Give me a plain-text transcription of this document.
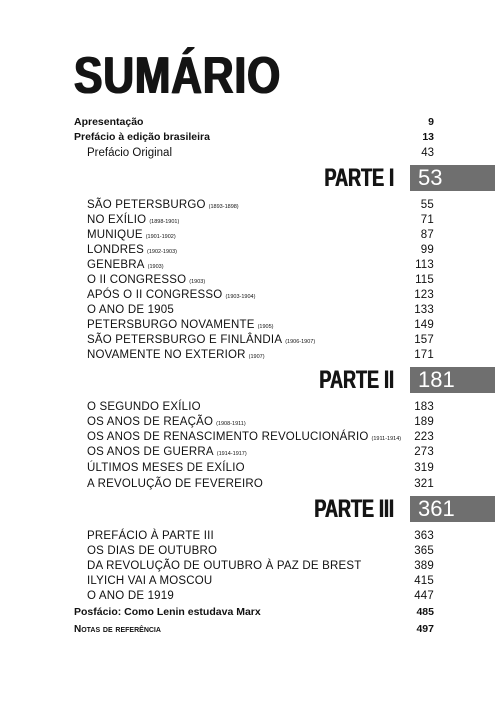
SUMÁRIO
Apresentação	9
Prefácio à edição brasileira	13
Prefácio Original	43
PARTE I	53
SÃO PETERSBURGO (1893-1898)	55
NO EXÍLIO (1898-1901)	71
MUNIQUE (1901-1902)	87
LONDRES (1902-1903)	99
GENEBRA (1903)	113
O II CONGRESSO (1903)	115
APÓS O II CONGRESSO (1903-1904)	123
O ANO DE 1905	133
PETERSBURGO NOVAMENTE (1905)	149
SÃO PETERSBURGO E FINLÂNDIA (1906-1907)	157
NOVAMENTE NO EXTERIOR (1907)	171
PARTE II	181
O SEGUNDO EXÍLIO	183
OS ANOS DE REAÇÃO (1908-1911)	189
OS ANOS DE RENASCIMENTO REVOLUCIONÁRIO (1911-1914) 223
OS ANOS DE GUERRA (1914-1917)	273
ÚLTIMOS MESES DE EXÍLIO	319
A REVOLUÇÃO DE FEVEREIRO	321
PARTE III	361
PREFÁCIO À PARTE III	363
OS DIAS DE OUTUBRO	365
DA REVOLUÇÃO DE OUTUBRO À PAZ DE BREST	389
ILYICH VAI A MOSCOU	415
O ANO DE 1919	447
Posfácio: Como Lenin estudava Marx	485
Notas de referência	497
